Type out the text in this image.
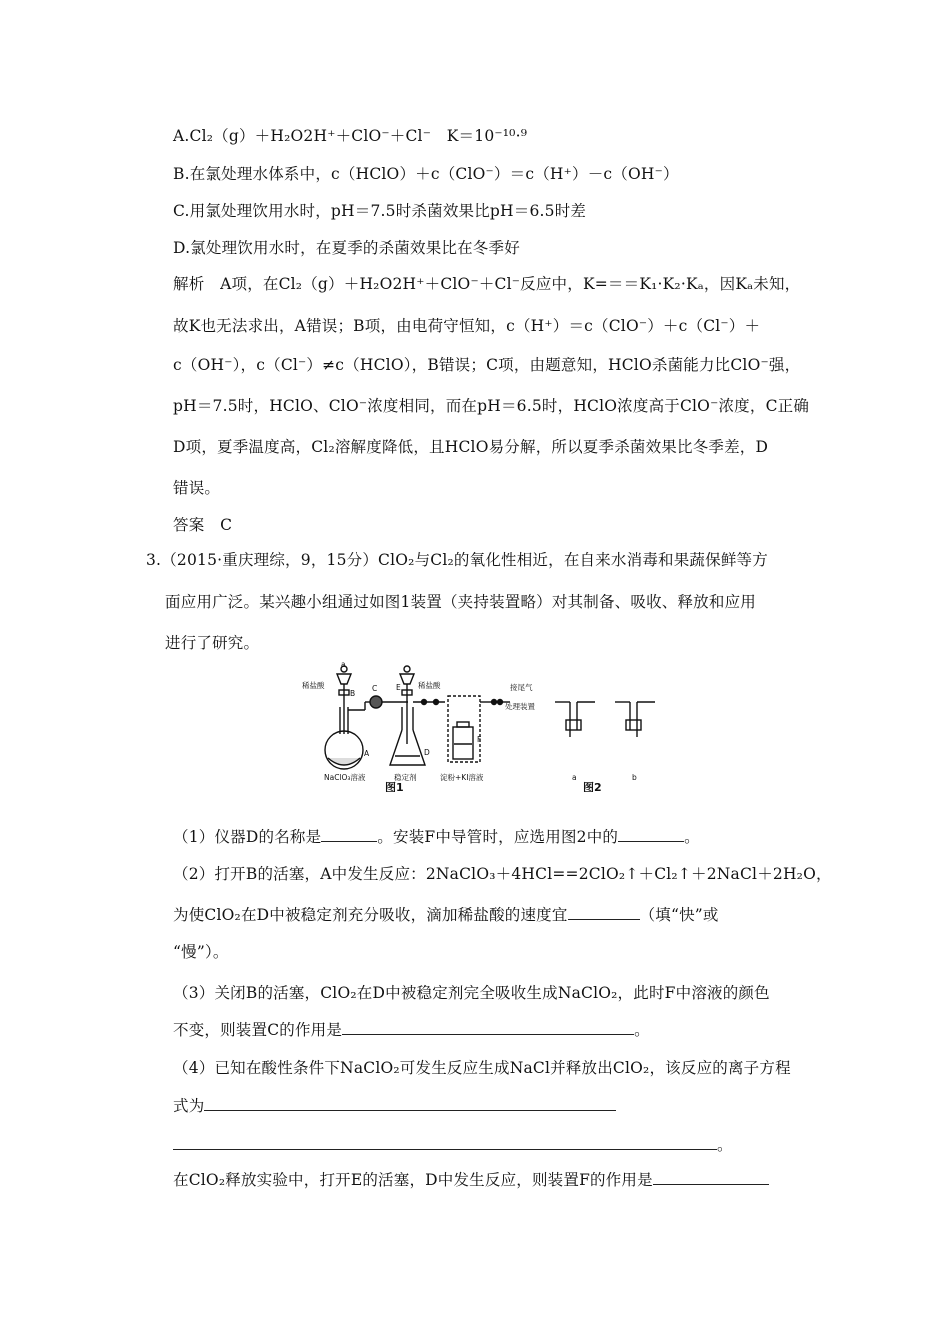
A.Cl₂（g）＋H₂O2H⁺＋ClO⁻＋Cl⁻　K＝10⁻¹⁰·⁹
B.在氯处理水体系中，c（HClO）＋c（ClO⁻）＝c（H⁺）－c（OH⁻）
C.用氯处理饮用水时，pH＝7.5时杀菌效果比pH＝6.5时差
D.氯处理饮用水时，在夏季的杀菌效果比在冬季好
解析　A项，在Cl₂（g）＋H₂O2H⁺＋ClO⁻＋Cl⁻反应中，K=＝＝K₁·K₂·Kₐ，因Kₐ未知，
故K也无法求出，A错误；B项，由电荷守恒知，c（H⁺）＝c（ClO⁻）＋c（Cl⁻）＋
c（OH⁻），c（Cl⁻）≠c（HClO），B错误；C项，由题意知，HClO杀菌能力比ClO⁻强，
pH＝7.5时，HClO、ClO⁻浓度相同，而在pH＝6.5时，HClO浓度高于ClO⁻浓度，C正确
D项，夏季温度高，Cl₂溶解度降低，且HClO易分解，所以夏季杀菌效果比冬季差，D
错误。
答案　C
3.（2015·重庆理综，9，15分）ClO₂与Cl₂的氧化性相近，在自来水消毒和果蔬保鲜等方
面应用广泛。某兴趣小组通过如图1装置（夹持装置略）对其制备、吸收、释放和应用
进行了研究。
a
稀盐酸
B
A
NaClO₃溶液
C	E 稀盐酸
稳定剂
D
F
淀粉+KI溶液
接尾气
处理装置
a	b
图1	图2
（1）仪器D的名称是	。安装F中导管时，应选用图2中的	。
（2）打开B的活塞，A中发生反应：2NaClO₃＋4HCl==2ClO₂↑＋Cl₂↑＋2NaCl＋2H₂O，
为使ClO₂在D中被稳定剂充分吸收，滴加稀盐酸的速度宜	（填“快”或
“慢”）。
（3）关闭B的活塞，ClO₂在D中被稳定剂完全吸收生成NaClO₂，此时F中溶液的颜色
不变，则装置C的作用是	。
（4）已知在酸性条件下NaClO₂可发生反应生成NaCl并释放出ClO₂，该反应的离子方程
式为
。
在ClO₂释放实验中，打开E的活塞，D中发生反应，则装置F的作用是
